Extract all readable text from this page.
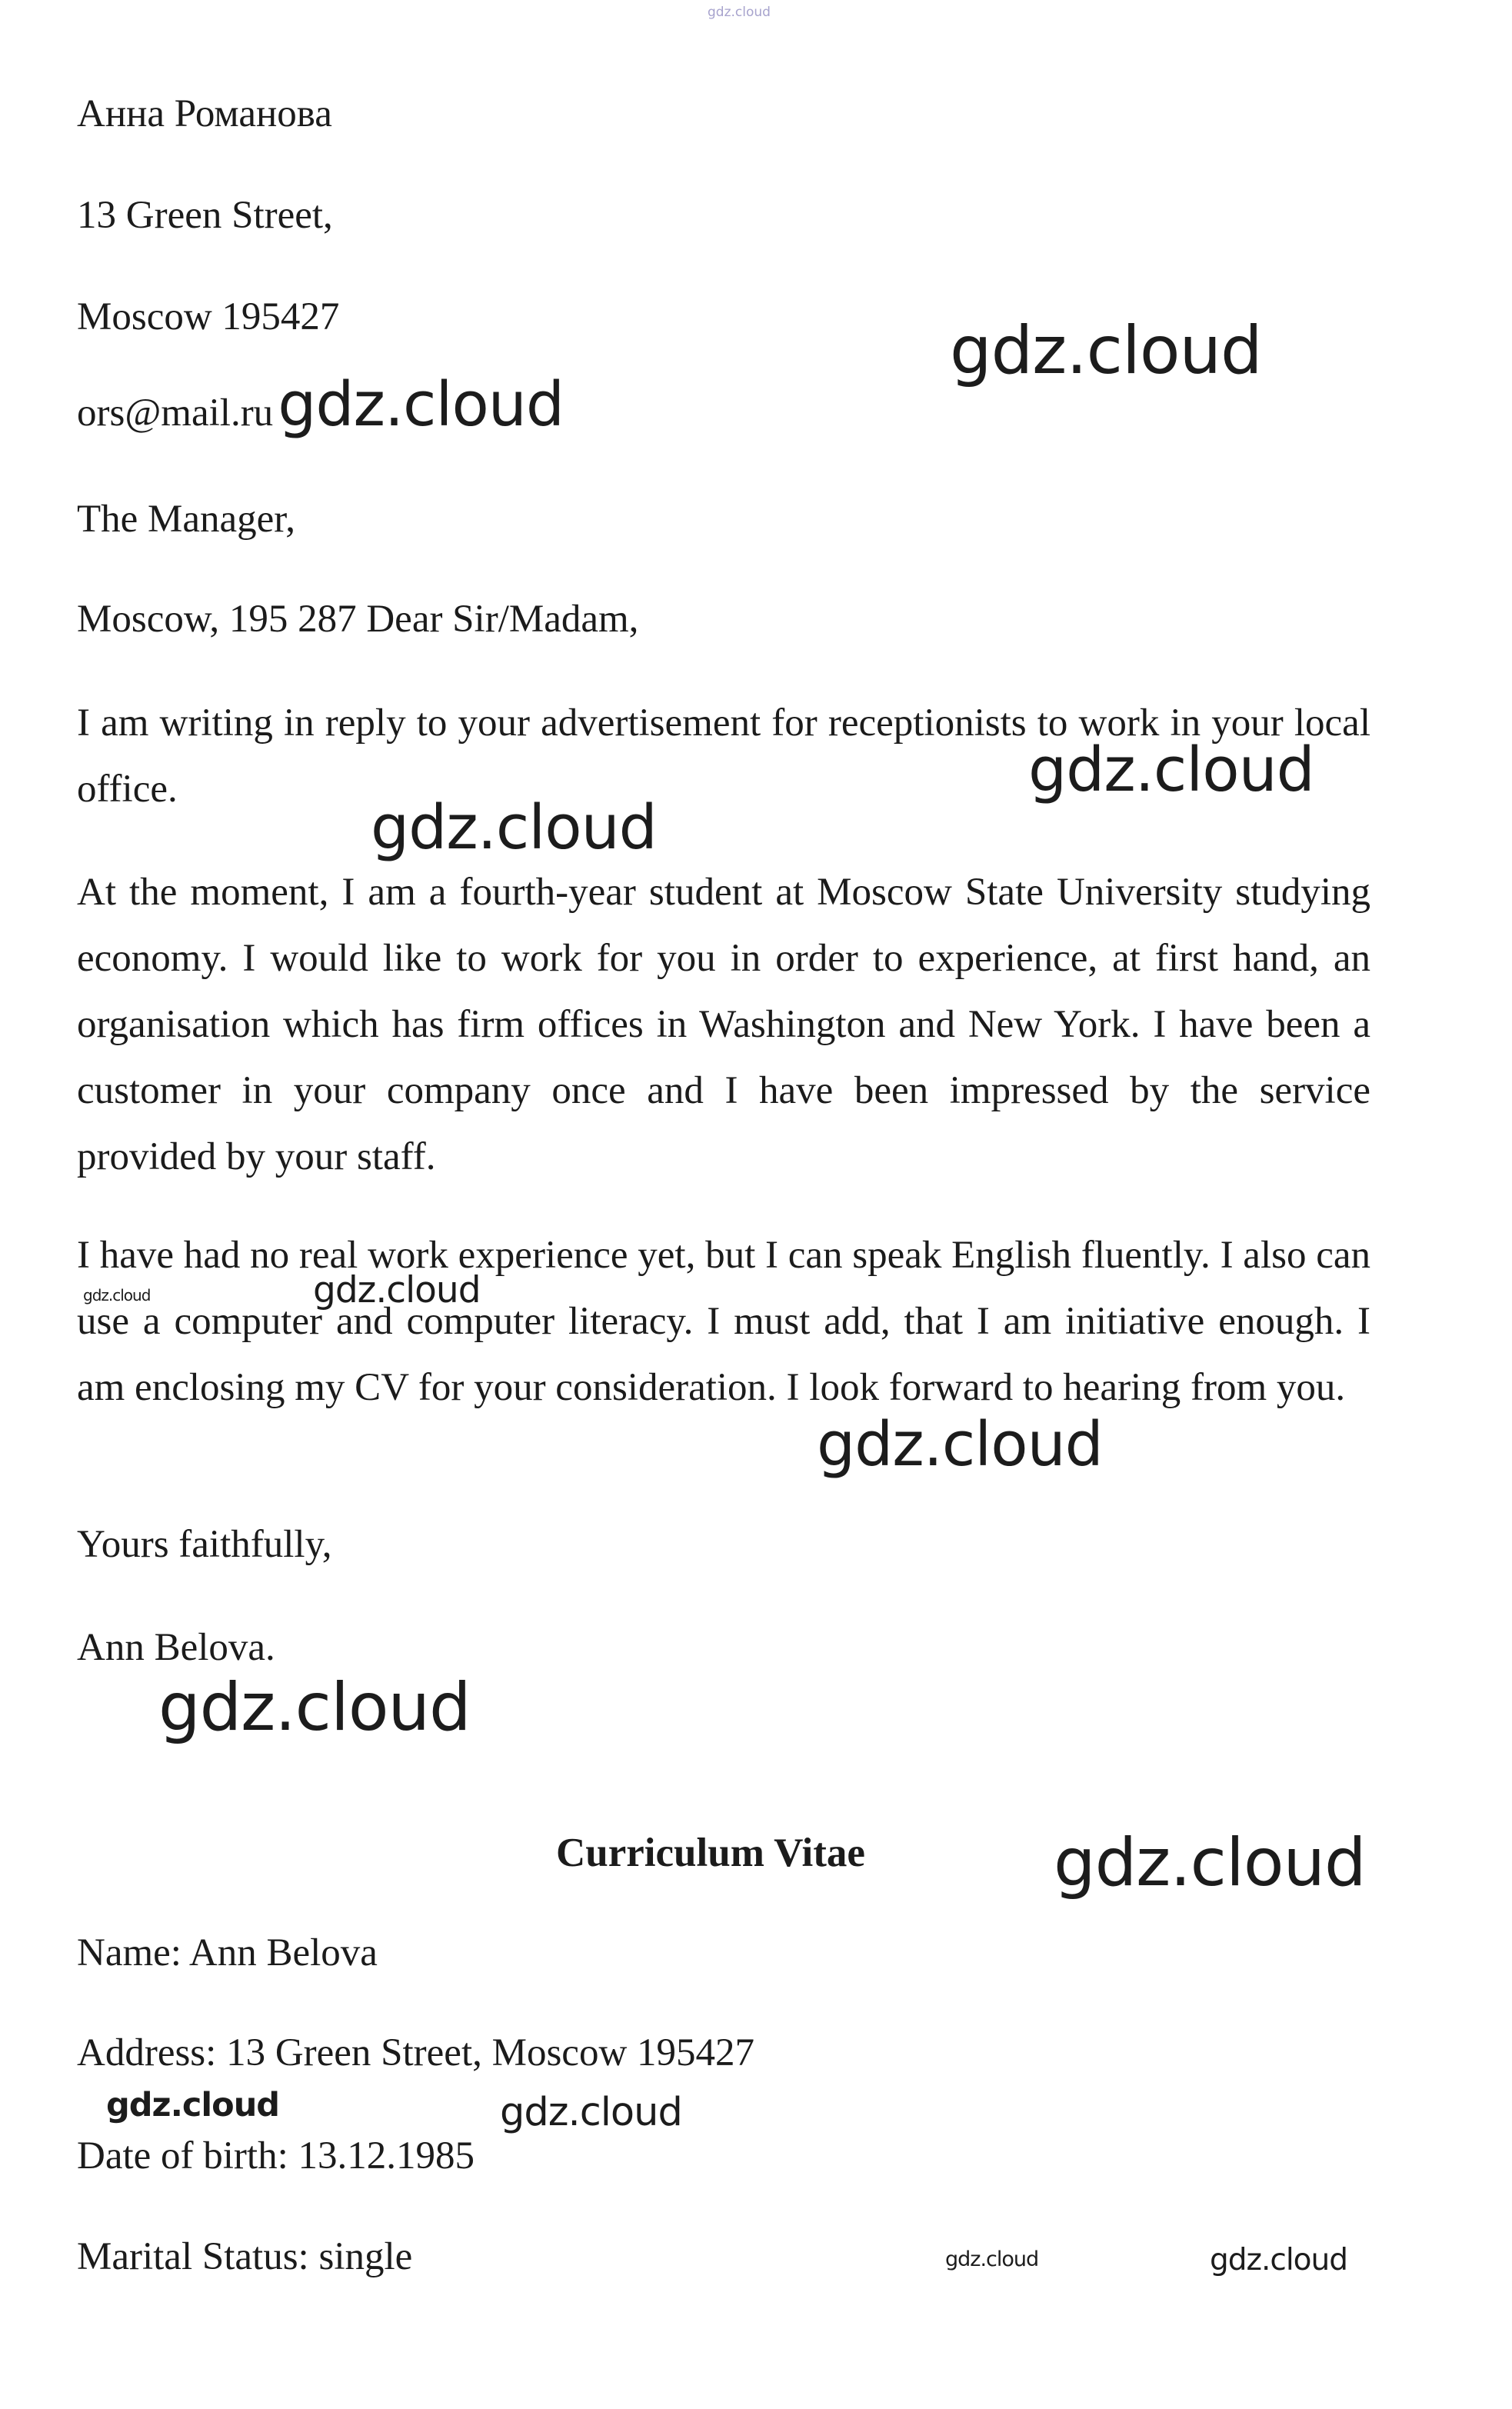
gdz.cloud
Анна Романова
13 Green Street,
Moscow 195427	gdz.cloud
ors@mail.ru gdz.cloud
The Manager,
Moscow, 195 287 Dear Sir/Madam,
I am writing in reply to your advertisement for receptionists to work in your local office.	gdz.cloud
gdz.cloud
At the moment, I am a fourth-year student at Moscow State University studying economy. I would like to work for you in order to experience, at first hand, an organisation which has firm offices in Washington and New York. I have been a customer in your company once and I have been impressed by the service provided by your staff.
I have had no real work experience yet, but I can speak English fluently. I also can use a computer and computer literacy. I must add, that I am initiative enough. I am enclosing my CV for your consideration. I look forward to hearing from you.
gdz.cloud	gdz.cloud
gdz.cloud
Yours faithfully,
Ann Belova.
gdz.cloud
Curriculum Vitae	gdz.cloud
Name: Ann Belova
Address: 13 Green Street, Moscow 195427
gdz.cloud	gdz.cloud
Date of birth: 13.12.1985
Marital Status: single	gdz.cloud	gdz.cloud
